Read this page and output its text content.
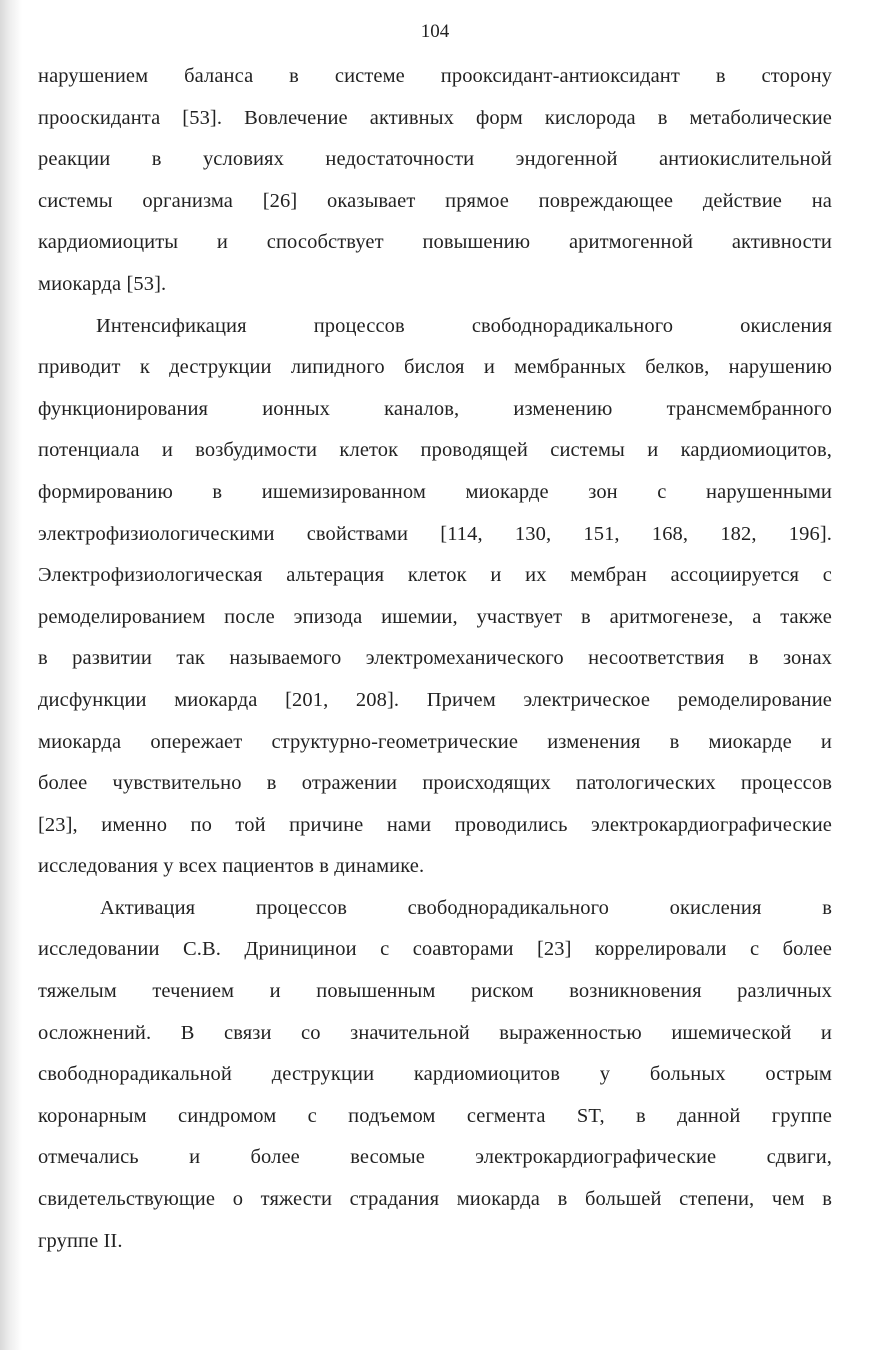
104

нарушением баланса в системе прооксидант-антиоксидант в сторону
прооскиданта [53]. Вовлечение активных форм кислорода в метаболические
реакции в условиях недостаточности эндогенной антиокислительной
системы организма [26] оказывает прямое повреждающее действие на
кардиомиоциты и способствует повышению аритмогенной активности
миокарда [53].

Интенсификация процессов свободнорадикального окисления
приводит к деструкции липидного бислоя и мембранных белков, нарушению
функционирования ионных каналов, изменению трансмембранного
потенциала и возбудимости клеток проводящей системы и кардиомиоцитов,
формированию в ишемизированном миокарде зон с нарушенными
электрофизиологическими свойствами [114, 130, 151, 168, 182, 196].
Электрофизиологическая альтерация клеток и их мембран ассоциируется с
ремоделированием после эпизода ишемии, участвует в аритмогенезе, а также
в развитии так называемого электромеханического несоответствия в зонах
дисфункции миокарда [201, 208]. Причем электрическое ремоделирование
миокарда опережает структурно-геометрические изменения в миокарде и
более чувствительно в отражении происходящих патологических процессов
[23], именно по той причине нами проводились электрокардиографические
исследования у всех пациентов в динамике.

Активация процессов свободнорадикального окисления в
исследовании С.В. Дриницинои с соавторами [23] коррелировали с более
тяжелым течением и повышенным риском возникновения различных
осложнений. В связи со значительной выраженностью ишемической и
свободнорадикальной деструкции кардиомиоцитов у больных острым
коронарным синдромом с подъемом сегмента ST, в данной группе
отмечались и более весомые электрокардиографические сдвиги,
свидетельствующие о тяжести страдания миокарда в большей степени, чем в
группе II.
